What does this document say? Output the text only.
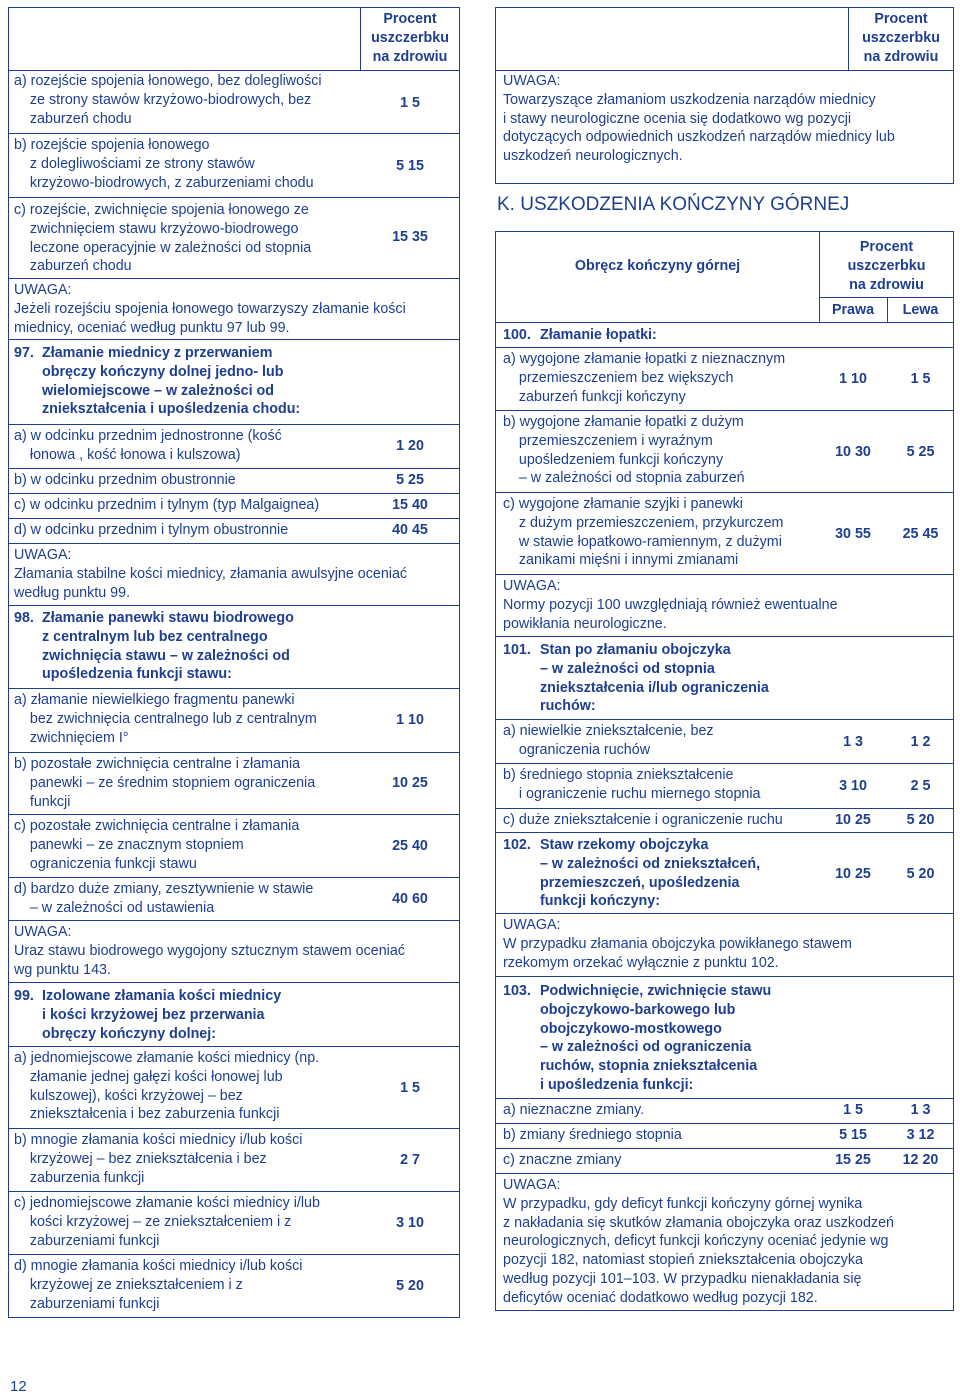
Procent
uszczerbku
na zdrowiu
a) rozejście spojenia łonowego, bez dolegliwości
ze strony stawów krzyżowo-biodrowych, bez
zaburzeń chodu
1 5
b) rozejście spojenia łonowego
z dolegliwościami ze strony stawów
krzyżowo-biodrowych, z zaburzeniami chodu
5 15
c) rozejście, zwichnięcie spojenia łonowego ze
zwichnięciem stawu krzyżowo-biodrowego
leczone operacyjnie w zależności od stopnia
zaburzeń chodu
15 35
UWAGA:
Jeżeli rozejściu spojenia łonowego towarzyszy złamanie kości
miednicy, oceniać według punktu 97 lub 99.
97. Złamanie miednicy z przerwaniem
obręczy kończyny dolnej jedno- lub
wielomiejscowe – w zależności od
zniekształcenia i upośledzenia chodu:
a) w odcinku przednim jednostronne (kość
łonowa , kość łonowa i kulszowa)
1 20
b) w odcinku przednim obustronnie	5 25
c) w odcinku przednim i tylnym (typ Malgaignea)	15 40
d) w odcinku przednim i tylnym obustronnie	40 45
UWAGA:
Złamania stabilne kości miednicy, złamania awulsyjne oceniać
według punktu 99.
98. Złamanie panewki stawu biodrowego
z centralnym lub bez centralnego
zwichnięcia stawu – w zależności od
upośledzenia funkcji stawu:
a) złamanie niewielkiego fragmentu panewki
bez zwichnięcia centralnego lub z centralnym
zwichnięciem I°
1 10
b) pozostałe zwichnięcia centralne i złamania
panewki – ze średnim stopniem ograniczenia
funkcji
10 25
c) pozostałe zwichnięcia centralne i złamania
panewki – ze znacznym stopniem
ograniczenia funkcji stawu
25 40
d) bardzo duże zmiany, zesztywnienie w stawie
– w zależności od ustawienia
40 60
UWAGA:
Uraz stawu biodrowego wygojony sztucznym stawem oceniać
wg punktu 143.
99. Izolowane złamania kości miednicy
i kości krzyżowej bez przerwania
obręczy kończyny dolnej:
a) jednomiejscowe złamanie kości miednicy (np.
złamanie jednej gałęzi kości łonowej lub
kulszowej), kości krzyżowej – bez
zniekształcenia i bez zaburzenia funkcji
1 5
b) mnogie złamania kości miednicy i/lub kości
krzyżowej – bez zniekształcenia i bez
zaburzenia funkcji
2 7
c) jednomiejscowe złamanie kości miednicy i/lub
kości krzyżowej – ze zniekształceniem i z
zaburzeniami funkcji
3 10
d) mnogie złamania kości miednicy i/lub kości
krzyżowej ze zniekształceniem i z
zaburzeniami funkcji
5 20
Procent
uszczerbku
na zdrowiu
UWAGA:
Towarzyszące złamaniom uszkodzenia narządów miednicy
i stawy neurologiczne ocenia się dodatkowo wg pozycji
dotyczących odpowiednich uszkodzeń narządów miednicy lub
uszkodzeń neurologicznych.
K. USZKODZENIA KOŃCZYNY GÓRNEJ
Obręcz kończyny górnej
Procent
uszczerbku
na zdrowiu
Prawa	Lewa
100. Złamanie łopatki:
a) wygojone złamanie łopatki z nieznacznym
przemieszczeniem bez większych
zaburzeń funkcji kończyny
1 10	1 5
b) wygojone złamanie łopatki z dużym
przemieszczeniem i wyraźnym
upośledzeniem funkcji kończyny
– w zależności od stopnia zaburzeń
10 30	5 25
c) wygojone złamanie szyjki i panewki
z dużym przemieszczeniem, przykurczem
w stawie łopatkowo-ramiennym, z dużymi
zanikami mięśni i innymi zmianami
30 55	25 45
UWAGA:
Normy pozycji 100 uwzględniają również ewentualne
powikłania neurologiczne.
101. Stan po złamaniu obojczyka
– w zależności od stopnia
zniekształcenia i/lub ograniczenia
ruchów:
a) niewielkie zniekształcenie, bez
ograniczenia ruchów	1 3	1 2
b) średniego stopnia zniekształcenie
i ograniczenie ruchu miernego stopnia	3 10	2 5
c) duże zniekształcenie i ograniczenie ruchu	10 25	5 20
102. Staw rzekomy obojczyka
– w zależności od zniekształceń,
przemieszczeń, upośledzenia
funkcji kończyny:
10 25	5 20
UWAGA:
W przypadku złamania obojczyka powikłanego stawem
rzekomym orzekać wyłącznie z punktu 102.
103. Podwichnięcie, zwichnięcie stawu
obojczykowo-barkowego lub
obojczykowo-mostkowego
– w zależności od ograniczenia
ruchów, stopnia zniekształcenia
i upośledzenia funkcji:
a) nieznaczne zmiany.	1 5	1 3
b) zmiany średniego stopnia	5 15	3 12
c) znaczne zmiany	15 25	12 20
UWAGA:
W przypadku, gdy deficyt funkcji kończyny górnej wynika
z nakładania się skutków złamania obojczyka oraz uszkodzeń
neurologicznych, deficyt funkcji kończyny oceniać jedynie wg
pozycji 182, natomiast stopień zniekształcenia obojczyka
według pozycji 101–103. W przypadku nienakładania się
deficytów oceniać dodatkowo według pozycji 182.
12
